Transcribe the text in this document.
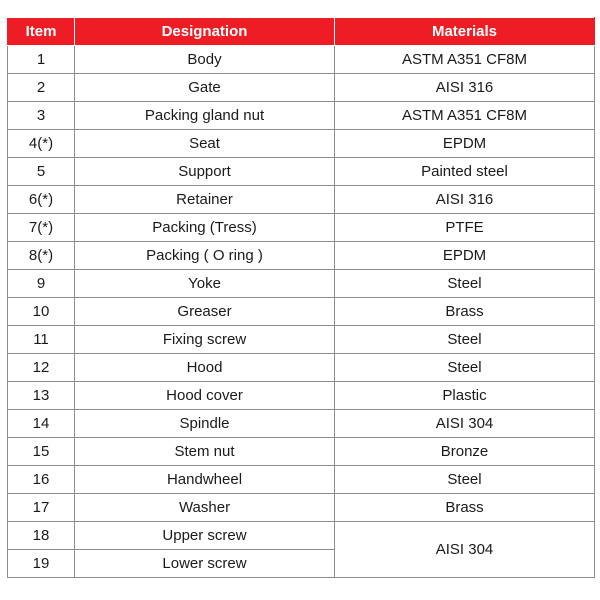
Item	Designation	Materials
1	Body	ASTM A351 CF8M
2	Gate	AISI 316
3	Packing gland nut	ASTM A351 CF8M
4(*)	Seat	EPDM
5	Support	Painted steel
6(*)	Retainer	AISI 316
7(*)	Packing (Tress)	PTFE
8(*)	Packing ( O ring )	EPDM
9	Yoke	Steel
10	Greaser	Brass
11	Fixing screw	Steel
12	Hood	Steel
13	Hood cover	Plastic
14	Spindle	AISI 304
15	Stem nut	Bronze
16	Handwheel	Steel
17	Washer	Brass
18	Upper screw	AISI 304
19	Lower screw	
